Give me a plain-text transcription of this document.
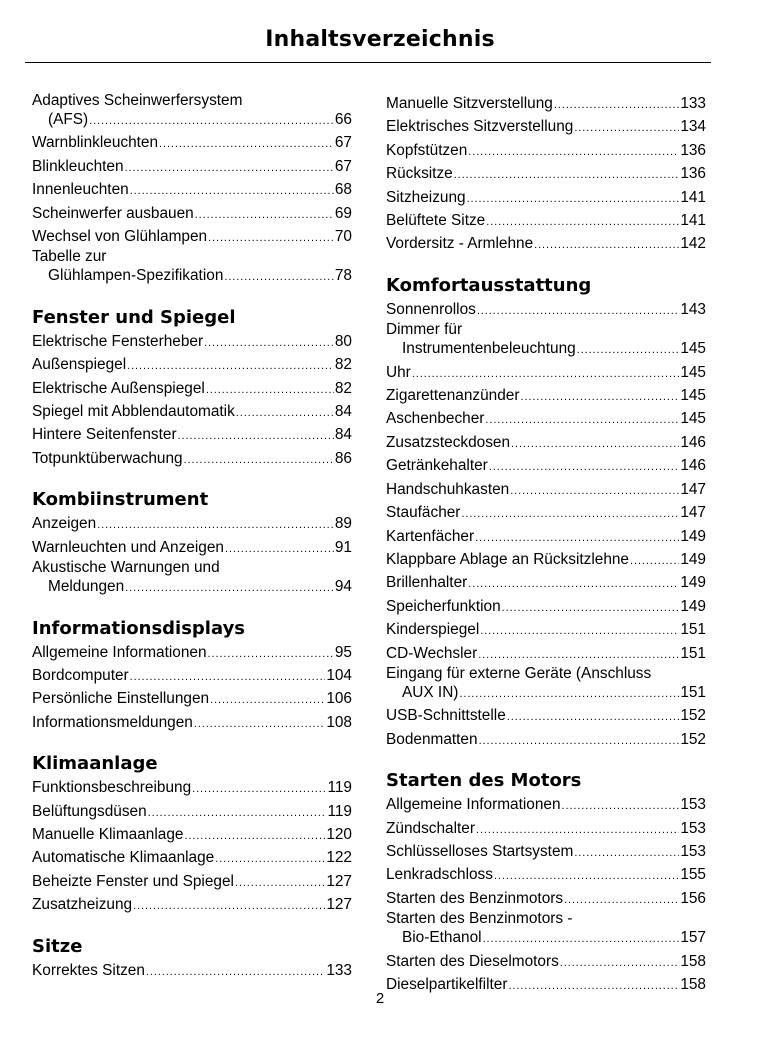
Inhaltsverzeichnis
Adaptives Scheinwerfersystem
(AFS) .....	66
Warnblinkleuchten .....	67
Blinkleuchten .....	67
Innenleuchten .....	68
Scheinwerfer ausbauen .....	69
Wechsel von Glühlampen .....	70
Tabelle zur
Glühlampen-Spezifikation .....	78
Fenster und Spiegel
Elektrische Fensterheber .....	80
Außenspiegel .....	82
Elektrische Außenspiegel .....	82
Spiegel mit Abblendautomatik .....	84
Hintere Seitenfenster .....	84
Totpunktüberwachung .....	86
Kombiinstrument
Anzeigen .....	89
Warnleuchten und Anzeigen .....	91
Akustische Warnungen und
Meldungen .....	94
Informationsdisplays
Allgemeine Informationen .....	95
Bordcomputer .....	104
Persönliche Einstellungen .....	106
Informationsmeldungen .....	108
Klimaanlage
Funktionsbeschreibung .....	119
Belüftungsdüsen .....	119
Manuelle Klimaanlage .....	120
Automatische Klimaanlage .....	122
Beheizte Fenster und Spiegel .....	127
Zusatzheizung .....	127
Sitze
Korrektes Sitzen .....	133
Manuelle Sitzverstellung .....	133
Elektrisches Sitzverstellung .....	134
Kopfstützen .....	136
Rücksitze .....	136
Sitzheizung .....	141
Belüftete Sitze .....	141
Vordersitz - Armlehne .....	142
Komfortausstattung
Sonnenrollos .....	143
Dimmer für
Instrumentenbeleuchtung .....	145
Uhr .....	145
Zigarettenanzünder .....	145
Aschenbecher .....	145
Zusatzsteckdosen .....	146
Getränkehalter .....	146
Handschuhkasten .....	147
Staufächer .....	147
Kartenfächer .....	149
Klappbare Ablage an Rücksitzlehne .....	149
Brillenhalter .....	149
Speicherfunktion .....	149
Kinderspiegel .....	151
CD-Wechsler .....	151
Eingang für externe Geräte (Anschluss
AUX IN) .....	151
USB-Schnittstelle .....	152
Bodenmatten .....	152
Starten des Motors
Allgemeine Informationen .....	153
Zündschalter .....	153
Schlüsselloses Startsystem .....	153
Lenkradschloss .....	155
Starten des Benzinmotors .....	156
Starten des Benzinmotors -
Bio-Ethanol .....	157
Starten des Dieselmotors .....	158
Dieselpartikelfilter .....	158
2
